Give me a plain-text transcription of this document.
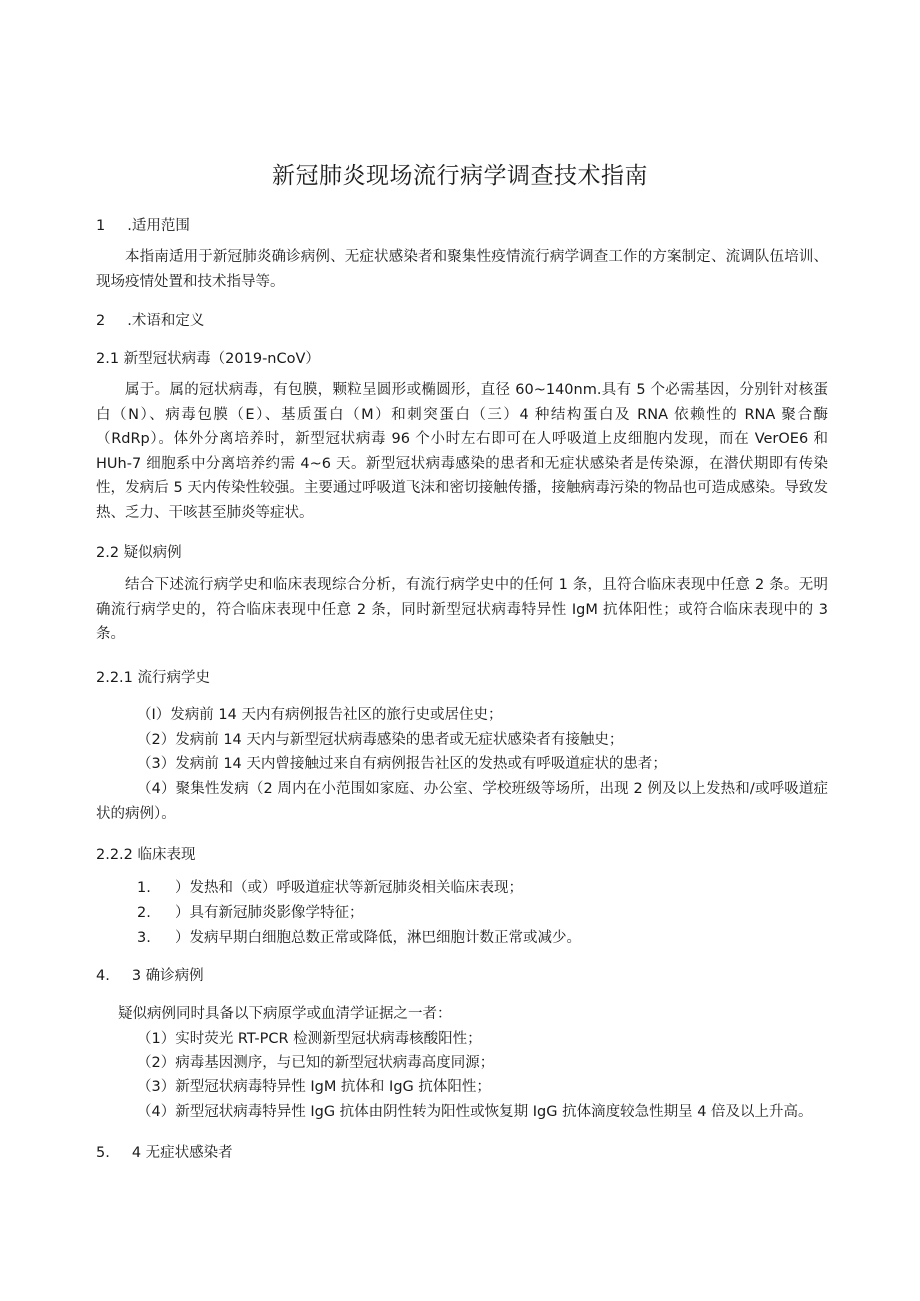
新冠肺炎现场流行病学调查技术指南
1 .适用范围
本指南适用于新冠肺炎确诊病例、无症状感染者和聚集性疫情流行病学调查工作的方案制定、流调队伍培训、现场疫情处置和技术指导等。
2 .术语和定义
2.1 新型冠状病毒（2019-nCoV）
属于。属的冠状病毒，有包膜，颗粒呈圆形或椭圆形，直径 60~140nm.具有 5 个必需基因，分别针对核蛋白（N）、病毒包膜（E）、基质蛋白（M）和刺突蛋白（三）4 种结构蛋白及 RNA 依赖性的 RNA 聚合酶（RdRp）。体外分离培养时，新型冠状病毒 96 个小时左右即可在人呼吸道上皮细胞内发现，而在 VerOE6 和 HUh-7 细胞系中分离培养约需 4~6 天。新型冠状病毒感染的患者和无症状感染者是传染源，在潜伏期即有传染性，发病后 5 天内传染性较强。主要通过呼吸道飞沫和密切接触传播，接触病毒污染的物品也可造成感染。导致发热、乏力、干咳甚至肺炎等症状。
2.2 疑似病例
结合下述流行病学史和临床表现综合分析，有流行病学史中的任何 1 条，且符合临床表现中任意 2 条。无明确流行病学史的，符合临床表现中任意 2 条，同时新型冠状病毒特异性 IgM 抗体阳性；或符合临床表现中的 3 条。
2.2.1 流行病学史
（I）发病前 14 天内有病例报告社区的旅行史或居住史；
（2）发病前 14 天内与新型冠状病毒感染的患者或无症状感染者有接触史；
（3）发病前 14 天内曾接触过来自有病例报告社区的发热或有呼吸道症状的患者；
（4）聚集性发病（2 周内在小范围如家庭、办公室、学校班级等场所，出现 2 例及以上发热和/或呼吸道症状的病例）。
2.2.2 临床表现
1. ）发热和（或）呼吸道症状等新冠肺炎相关临床表现；
2. ）具有新冠肺炎影像学特征；
3. ）发病早期白细胞总数正常或降低，淋巴细胞计数正常或减少。
4. 3 确诊病例
疑似病例同时具备以下病原学或血清学证据之一者：
（1）实时荧光 RT-PCR 检测新型冠状病毒核酸阳性；
（2）病毒基因测序，与已知的新型冠状病毒高度同源；
（3）新型冠状病毒特异性 IgM 抗体和 IgG 抗体阳性；
（4）新型冠状病毒特异性 IgG 抗体由阴性转为阳性或恢复期 IgG 抗体滴度较急性期呈 4 倍及以上升高。
5. 4 无症状感染者
